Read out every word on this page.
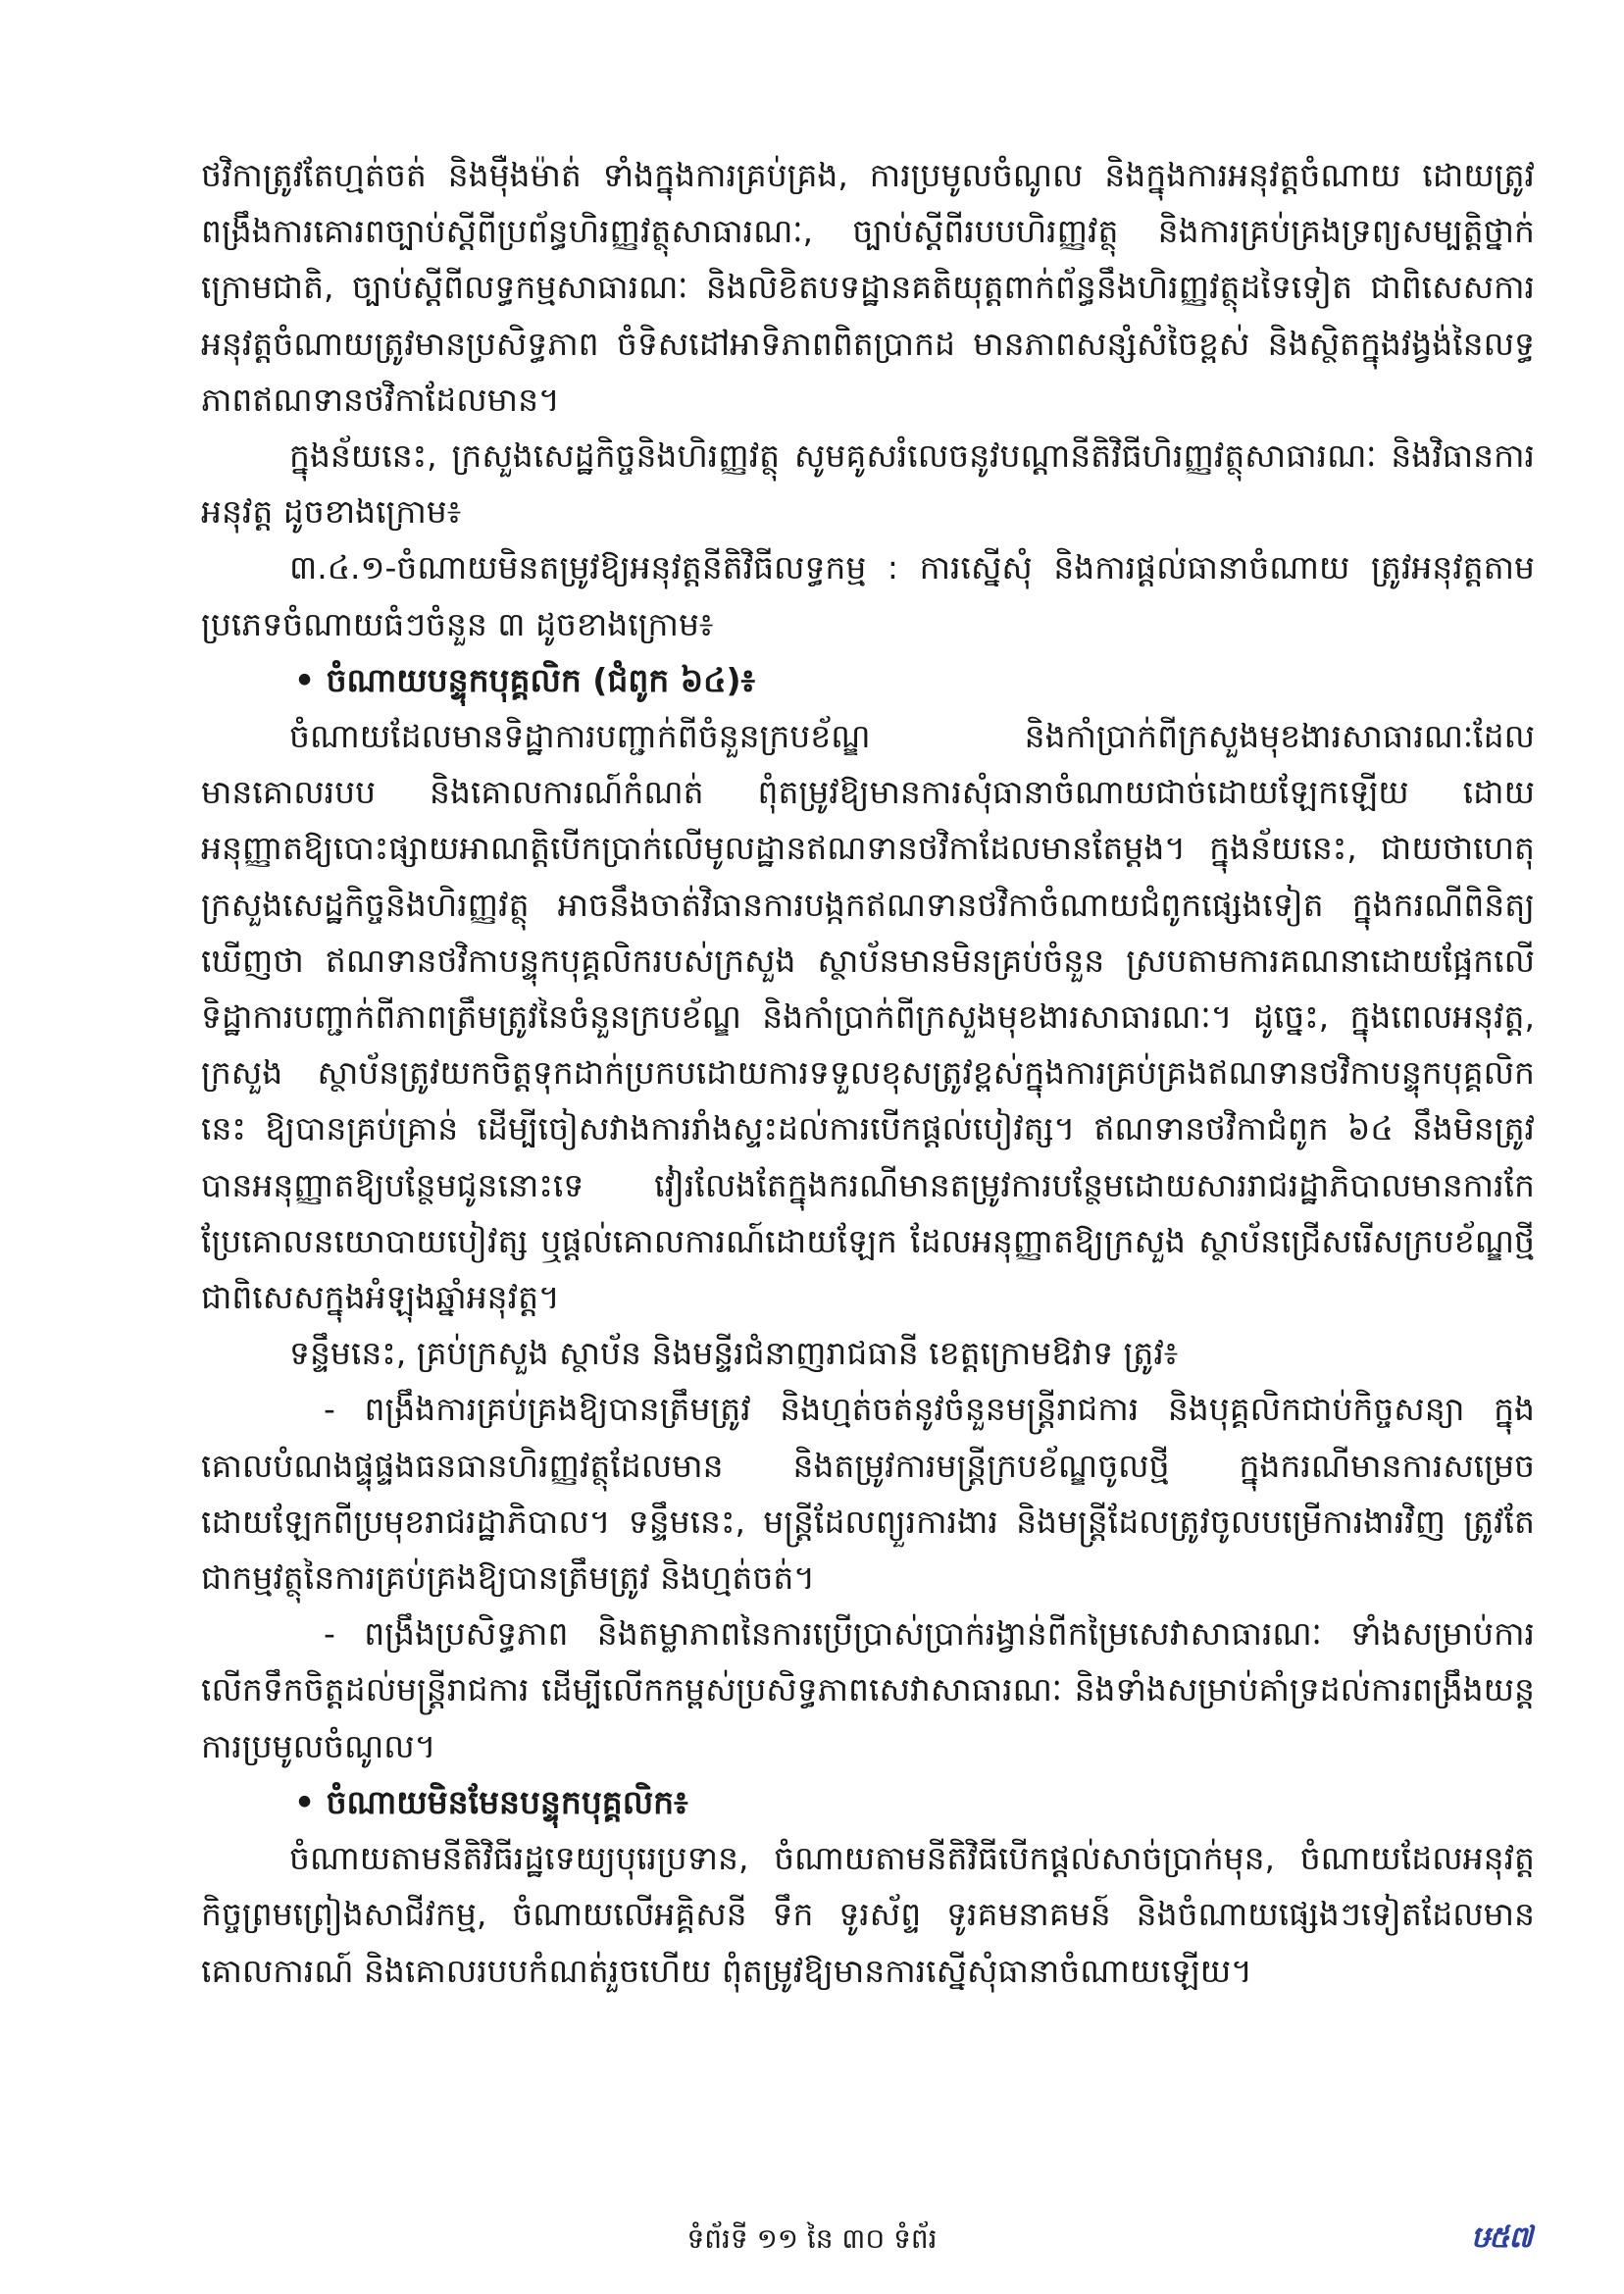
ថវិកាត្រូវតែហ្មត់ចត់ និងម៉ឺងម៉ាត់ ទាំងក្នុងការគ្រប់គ្រង, ការប្រមូលចំណូល និងក្នុងការអនុវត្តចំណាយ ដោយត្រូវពង្រឹងការគោរពច្បាប់ស្ដីពីប្រព័ន្ធហិរញ្ញវត្ថុសាធារណៈ, ច្បាប់ស្ដីពីរបបហិរញ្ញវត្ថុ និងការគ្រប់គ្រងទ្រព្យសម្បត្តិថ្នាក់ក្រោមជាតិ, ច្បាប់ស្ដីពីលទ្ធកម្មសាធារណៈ និងលិខិតបទដ្ឋានគតិយុត្តពាក់ព័ន្ធនឹងហិរញ្ញវត្ថុដទៃទៀត ជាពិសេសការអនុវត្តចំណាយត្រូវមានប្រសិទ្ធភាព ចំទិសដៅអាទិភាពពិតប្រាកដ មានភាពសន្សំសំចៃខ្ពស់ និងស្ថិតក្នុងវង្វង់នៃលទ្ធភាពឥណទានថវិកាដែលមាន។

ក្នុងន័យនេះ, ក្រសួងសេដ្ឋកិច្ចនិងហិរញ្ញវត្ថុ សូមគូសរំលេចនូវបណ្ដានីតិវិធីហិរញ្ញវត្ថុសាធារណៈ និងវិធានការអនុវត្ត ដូចខាងក្រោម៖

៣.៤.១-ចំណាយមិនតម្រូវឱ្យអនុវត្តនីតិវិធីលទ្ធកម្ម : ការស្នើសុំ និងការផ្ដល់ធានាចំណាយ ត្រូវអនុវត្តតាមប្រភេទចំណាយធំៗចំនួន ៣ ដូចខាងក្រោម៖

• ចំណាយបន្ទុកបុគ្គលិក (ជំពូក ៦៤)៖

ចំណាយដែលមានទិដ្ឋាការបញ្ជាក់ពីចំនួនក្របខ័ណ្ឌ និងកាំប្រាក់ពីក្រសួងមុខងារសាធារណៈដែលមានគោលរបប និងគោលការណ៍កំណត់ ពុំតម្រូវឱ្យមានការសុំធានាចំណាយជាច់ដោយឡែកឡើយ ដោយអនុញ្ញាតឱ្យបោះផ្សាយអាណត្តិបើកប្រាក់លើមូលដ្ឋានឥណទានថវិកាដែលមានតែម្តង។ ក្នុងន័យនេះ, ជាយថាហេតុក្រសួងសេដ្ឋកិច្ចនិងហិរញ្ញវត្ថុ អាចនឹងចាត់វិធានការបង្កកឥណទានថវិកាចំណាយជំពូកផ្សេងទៀត ក្នុងករណីពិនិត្យឃើញថា ឥណទានថវិកាបន្ទុកបុគ្គលិករបស់ក្រសួង ស្ថាប័នមានមិនគ្រប់ចំនួន ស្របតាមការគណនាដោយផ្អែកលើទិដ្ឋាការបញ្ជាក់ពីភាពត្រឹមត្រូវនៃចំនួនក្របខ័ណ្ឌ និងកាំប្រាក់ពីក្រសួងមុខងារសាធារណៈ។ ដូច្នេះ, ក្នុងពេលអនុវត្ត, ក្រសួង ស្ថាប័នត្រូវយកចិត្តទុកដាក់ប្រកបដោយការទទួលខុសត្រូវខ្ពស់ក្នុងការគ្រប់គ្រងឥណទានថវិកាបន្ទុកបុគ្គលិកនេះ ឱ្យបានគ្រប់គ្រាន់ ដើម្បីចៀសវាងការរាំងស្ទះដល់ការបើកផ្ដល់បៀវត្ស។ ឥណទានថវិកាជំពូក ៦៤ នឹងមិនត្រូវបានអនុញ្ញាតឱ្យបន្ថែមជូននោះទេ វៀរលែងតែក្នុងករណីមានតម្រូវការបន្ថែមដោយសាររាជរដ្ឋាភិបាលមានការកែប្រែគោលនយោបាយបៀវត្ស ឬផ្ដល់គោលការណ៍ដោយឡែក ដែលអនុញ្ញាតឱ្យក្រសួង ស្ថាប័នជ្រើសរើសក្របខ័ណ្ឌថ្មី ជាពិសេសក្នុងអំឡុងឆ្នាំអនុវត្ត។

ទន្ទឹមនេះ, គ្រប់ក្រសួង ស្ថាប័ន និងមន្ទីរជំនាញរាជធានី ខេត្តក្រោមឱវាទ ត្រូវ៖

- ពង្រឹងការគ្រប់គ្រងឱ្យបានត្រឹមត្រូវ និងហ្មត់ចត់នូវចំនួនមន្ត្រីរាជការ និងបុគ្គលិកជាប់កិច្ចសន្យា ក្នុងគោលបំណងផ្ទុផ្ទងធនធានហិរញ្ញវត្ថុដែលមាន និងតម្រូវការមន្ត្រីក្របខ័ណ្ឌចូលថ្មី ក្នុងករណីមានការសម្រេចដោយឡែកពីប្រមុខរាជរដ្ឋាភិបាល។ ទន្ទឹមនេះ, មន្ត្រីដែលព្យួរការងារ និងមន្ត្រីដែលត្រូវចូលបម្រើការងារវិញ ត្រូវតែជាកម្មវត្ថុនៃការគ្រប់គ្រងឱ្យបានត្រឹមត្រូវ និងហ្មត់ចត់។

- ពង្រឹងប្រសិទ្ធភាព និងតម្លាភាពនៃការប្រើប្រាស់ប្រាក់រង្វាន់ពីកម្រៃសេវាសាធារណៈ ទាំងសម្រាប់ការលើកទឹកចិត្តដល់មន្ត្រីរាជការ ដើម្បីលើកកម្ពស់ប្រសិទ្ធភាពសេវាសាធារណៈ និងទាំងសម្រាប់គាំទ្រដល់ការពង្រឹងយន្តការប្រមូលចំណូល។

• ចំណាយមិនមែនបន្ទុកបុគ្គលិក៖

ចំណាយតាមនីតិវិធីរដ្ឋទេយ្យបុរេប្រទាន, ចំណាយតាមនីតិវិធីបើកផ្ដល់សាច់ប្រាក់មុន, ចំណាយដែលអនុវត្តកិច្ចព្រមព្រៀងសាជីវកម្ម, ចំណាយលើអគ្គិសនី ទឹក ទូរស័ព្ទ ទូរគមនាគមន៍ និងចំណាយផ្សេងៗទៀតដែលមានគោលការណ៍ និងគោលរបបកំណត់រួចហើយ ពុំតម្រូវឱ្យមានការស្នើសុំធានាចំណាយឡើយ។

ទំព័រទី ១១ នៃ ៣០ ទំព័រ	ឞ៥៧
